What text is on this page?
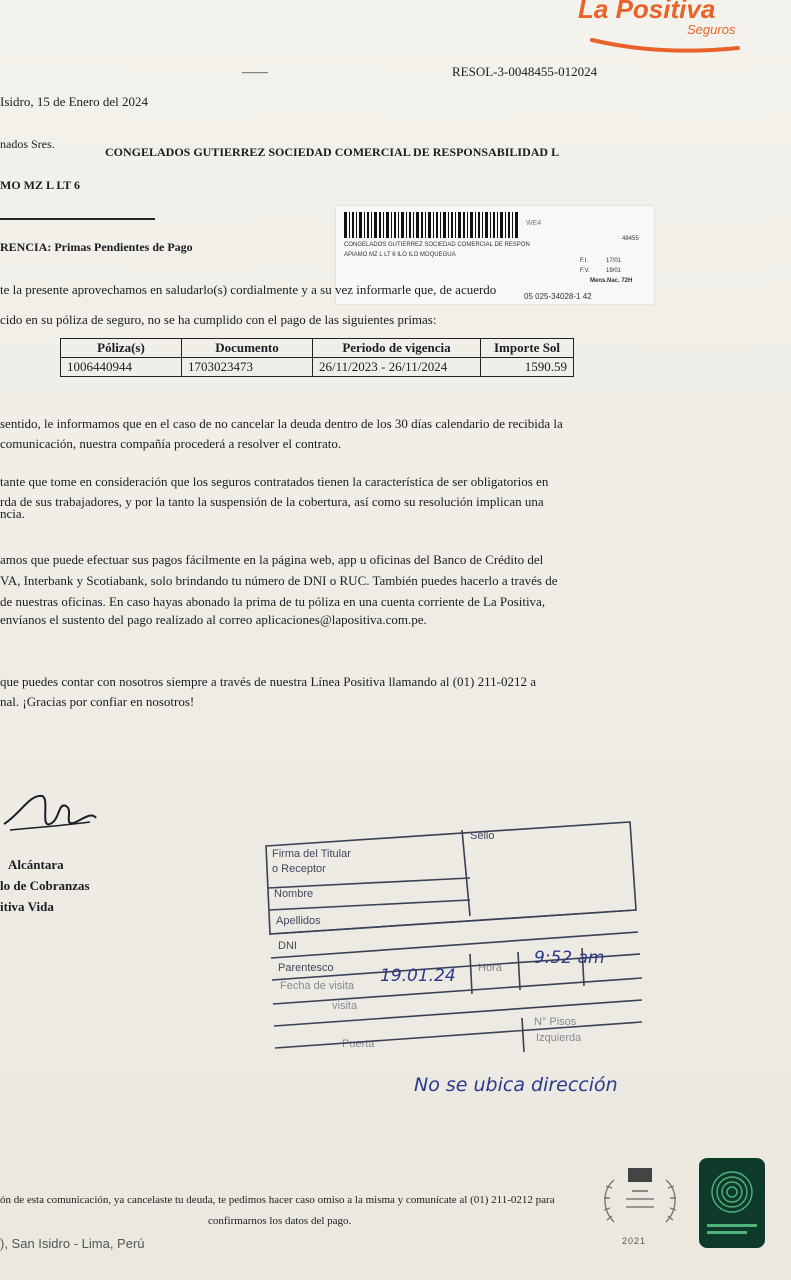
La Positiva
Seguros
——	RESOL-3-0048455-012024
Isidro, 15 de Enero del 2024
nados Sres.
CONGELADOS GUTIERREZ SOCIEDAD COMERCIAL DE RESPONSABILIDAD L
MO MZ L LT 6
RENCIA: Primas Pendientes de Pago
WE4
48455
CONGELADOS GUTIERREZ SOCIEDAD COMERCIAL DE RESPON
APIAMO MZ L LT 6 ILO ILO MOQUEGUA
F.I.	17/01
F.V.	19/01
Mens.Nac. 72H
05 025-34028-1 42
te la presente aprovechamos en saludarlo(s) cordialmente y a su vez informarle que, de acuerdo
cido en su póliza de seguro, no se ha cumplido con el pago de las siguientes primas:
Póliza(s)	Documento	Periodo de vigencia	Importe Sol
1006440944	1703023473	26/11/2023 - 26/11/2024	1590.59
sentido, le informamos que en el caso de no cancelar la deuda dentro de los 30 días calendario de recibida la
comunicación, nuestra compañía procederá a resolver el contrato.
tante que tome en consideración que los seguros contratados tienen la característica de ser obligatorios en
rda de sus trabajadores, y por la tanto la suspensión de la cobertura, así como su resolución implican una
ncia.
amos que puede efectuar sus pagos fácilmente en la página web, app u oficinas del Banco de Crédito del
VA, Interbank y Scotiabank, solo brindando tu número de DNI o RUC. También puedes hacerlo a través de
de nuestras oficinas. En caso hayas abonado la prima de tu póliza en una cuenta corriente de La Positiva,
envíanos el sustento del pago realizado al correo aplicaciones@lapositiva.com.pe.
que puedes contar con nosotros siempre a través de nuestra Línea Positiva llamando al (01) 211-0212 a
nal. ¡Gracias por confiar en nosotros!
Alcántara
lo de Cobranzas
itiva Vida
Firma del Titular
o Receptor
Sello
Nombre
Apellidos
DNI
Parentesco
Fecha de visita 19.01.24 Hora 9:52 am
visita
Puerta
N° Pisos
Izquierda
No se ubica dirección
ón de esta comunicación, ya cancelaste tu deuda, te pedimos hacer caso omiso a la misma y comunícate al (01) 211-0212 para
confirmarnos los datos del pago.
), San Isidro - Lima, Perú	2021
